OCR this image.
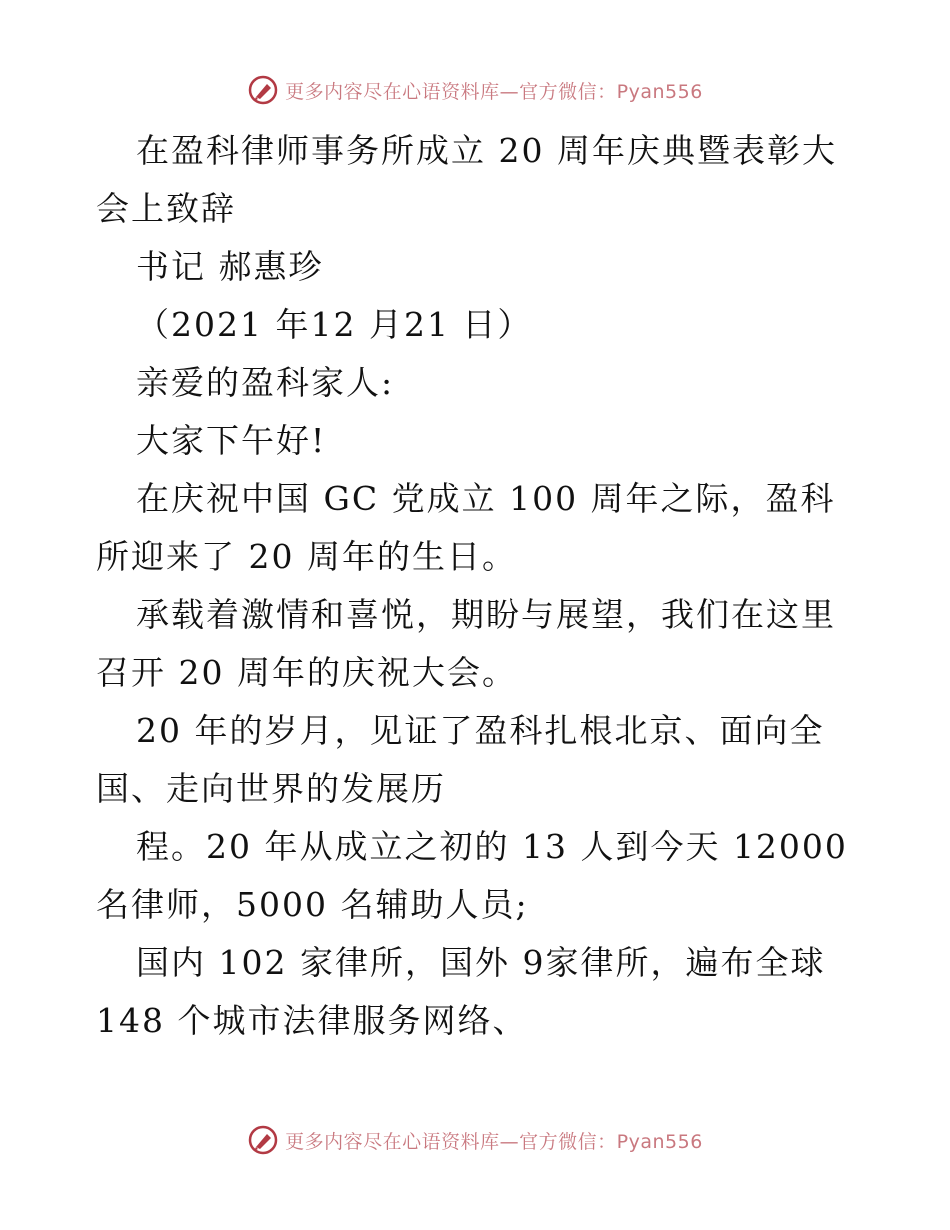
更多内容尽在心语资料库—官方微信：Pyan556

在盈科律师事务所成立 20 周年庆典暨表彰大会上致辞

书记 郝惠珍

（2021 年12 月21 日）

亲爱的盈科家人:

大家下午好!

在庆祝中国 GC 党成立 100 周年之际，盈科所迎来了 20 周年的生日。

承载着激情和喜悦，期盼与展望，我们在这里召开 20 周年的庆祝大会。

20 年的岁月，见证了盈科扎根北京、面向全国、走向世界的发展历

程。20 年从成立之初的 13 人到今天 12000 名律师，5000 名辅助人员;

国内 102 家律所，国外 9家律所，遍布全球 148 个城市法律服务网络、

更多内容尽在心语资料库—官方微信：Pyan556
